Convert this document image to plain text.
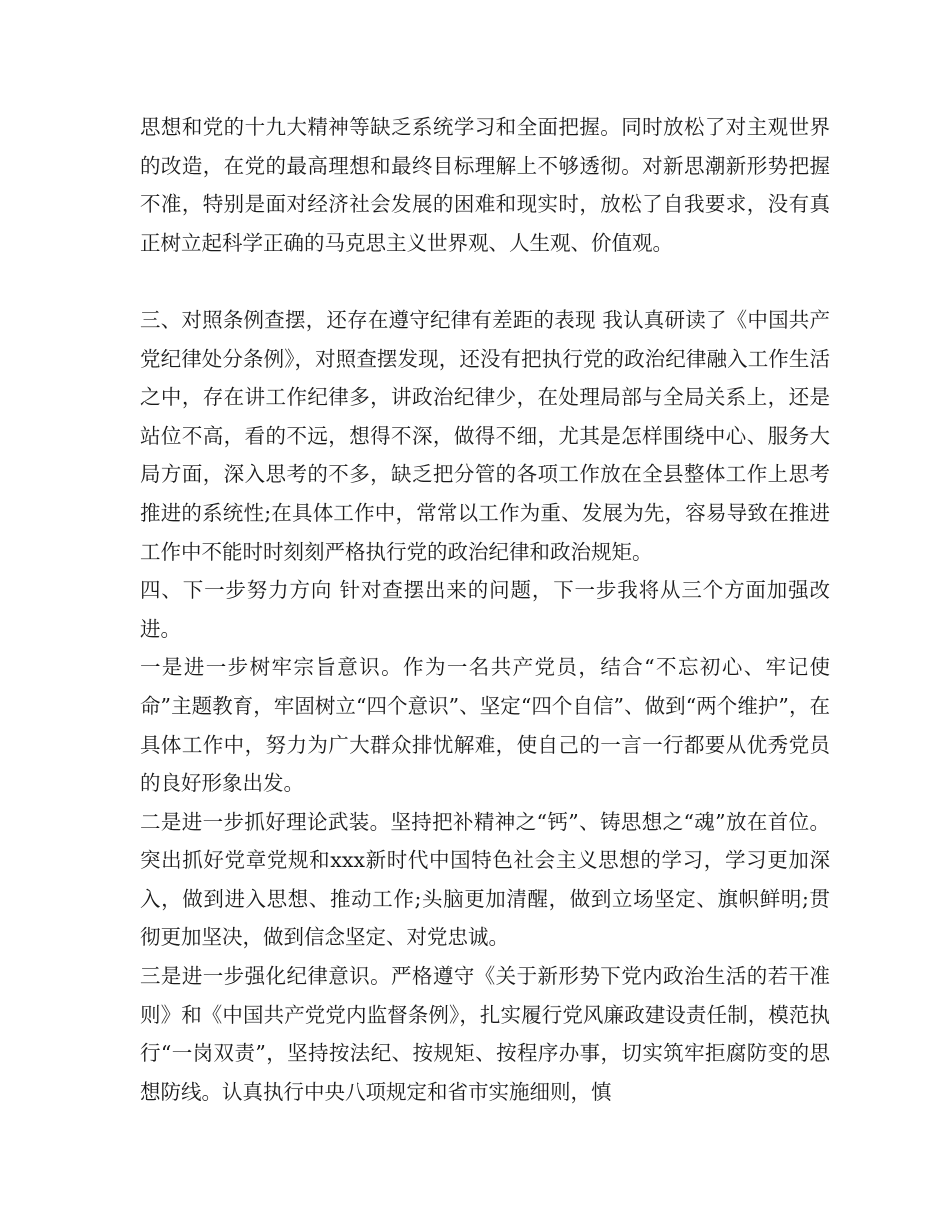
思想和党的十九大精神等缺乏系统学习和全面把握。同时放松了对主观世界的改造，在党的最高理想和最终目标理解上不够透彻。对新思潮新形势把握不准，特别是面对经济社会发展的困难和现实时，放松了自我要求，没有真正树立起科学正确的马克思主义世界观、人生观、价值观。

三、对照条例查摆，还存在遵守纪律有差距的表现 我认真研读了《中国共产党纪律处分条例》，对照查摆发现，还没有把执行党的政治纪律融入工作生活之中，存在讲工作纪律多，讲政治纪律少，在处理局部与全局关系上，还是站位不高，看的不远，想得不深，做得不细，尤其是怎样围绕中心、服务大局方面，深入思考的不多，缺乏把分管的各项工作放在全县整体工作上思考推进的系统性;在具体工作中，常常以工作为重、发展为先，容易导致在推进工作中不能时时刻刻严格执行党的政治纪律和政治规矩。

四、下一步努力方向 针对查摆出来的问题，下一步我将从三个方面加强改进。

一是进一步树牢宗旨意识。作为一名共产党员，结合“不忘初心、牢记使命”主题教育，牢固树立“四个意识”、坚定“四个自信”、做到“两个维护”，在具体工作中，努力为广大群众排忧解难，使自己的一言一行都要从优秀党员的良好形象出发。

二是进一步抓好理论武装。坚持把补精神之“钙”、铸思想之“魂”放在首位。突出抓好党章党规和xxx新时代中国特色社会主义思想的学习，学习更加深入，做到进入思想、推动工作;头脑更加清醒，做到立场坚定、旗帜鲜明;贯彻更加坚决，做到信念坚定、对党忠诚。

三是进一步强化纪律意识。严格遵守《关于新形势下党内政治生活的若干准则》和《中国共产党党内监督条例》，扎实履行党风廉政建设责任制，模范执行“一岗双责”，坚持按法纪、按规矩、按程序办事，切实筑牢拒腐防变的思想防线。认真执行中央八项规定和省市实施细则，慎
